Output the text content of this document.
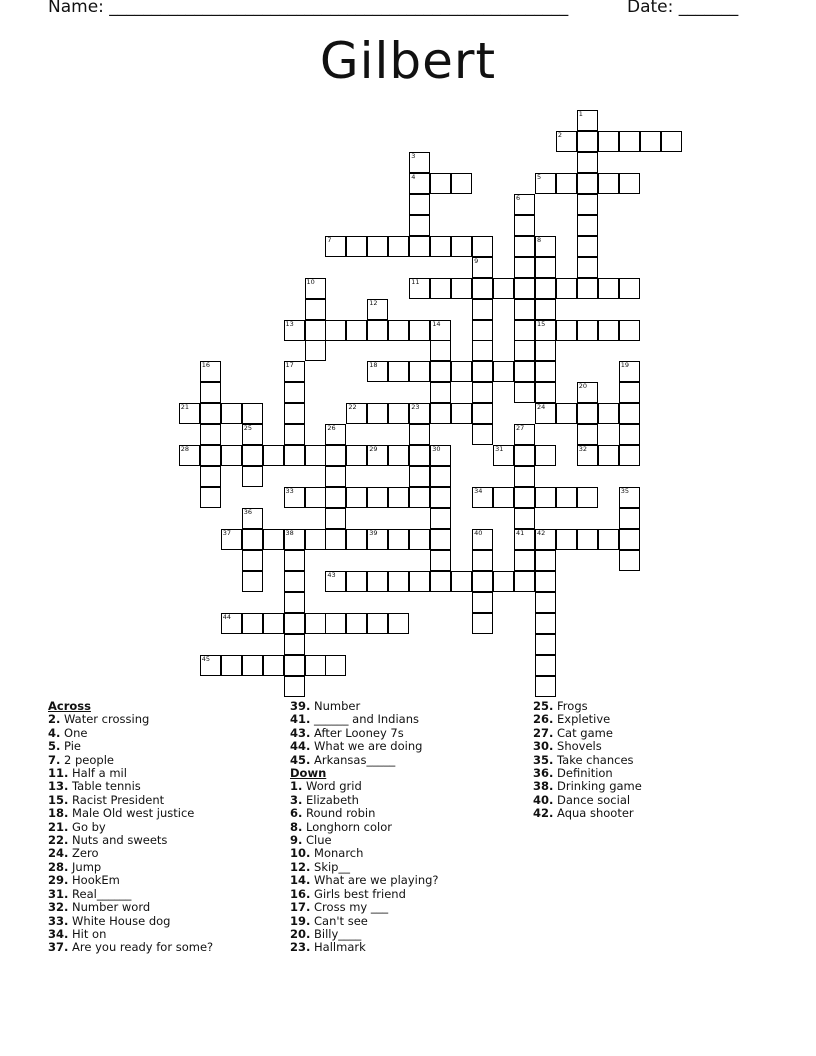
Name: ______________________________________________________	Date: _______
Gilbert
1
2
3
4	5
6
7	8
15
24
9
10	11
12
13	14
16	17	18	19
20
32
21	22	23
25	26	27
41
28	29	30	31
33	34	35
36
37	38	39	40	42
43
44
45
Across
2. Water crossing
4. One
5. Pie
7. 2 people
11. Half a mil
13. Table tennis
15. Racist President
18. Male Old west justice
21. Go by
22. Nuts and sweets
24. Zero
28. Jump
29. HookEm
31. Real______
32. Number word
33. White House dog
34. Hit on
37. Are you ready for some?
39. Number
41. ______ and Indians
43. After Looney 7s
44. What we are doing
45. Arkansas_____
Down
1. Word grid
3. Elizabeth
6. Round robin
8. Longhorn color
9. Clue
10. Monarch
12. Skip__
14. What are we playing?
16. Girls best friend
17. Cross my ___
19. Can't see
20. Billy____
23. Hallmark
25. Frogs
26. Expletive
27. Cat game
30. Shovels
35. Take chances
36. Definition
38. Drinking game
40. Dance social
42. Aqua shooter
